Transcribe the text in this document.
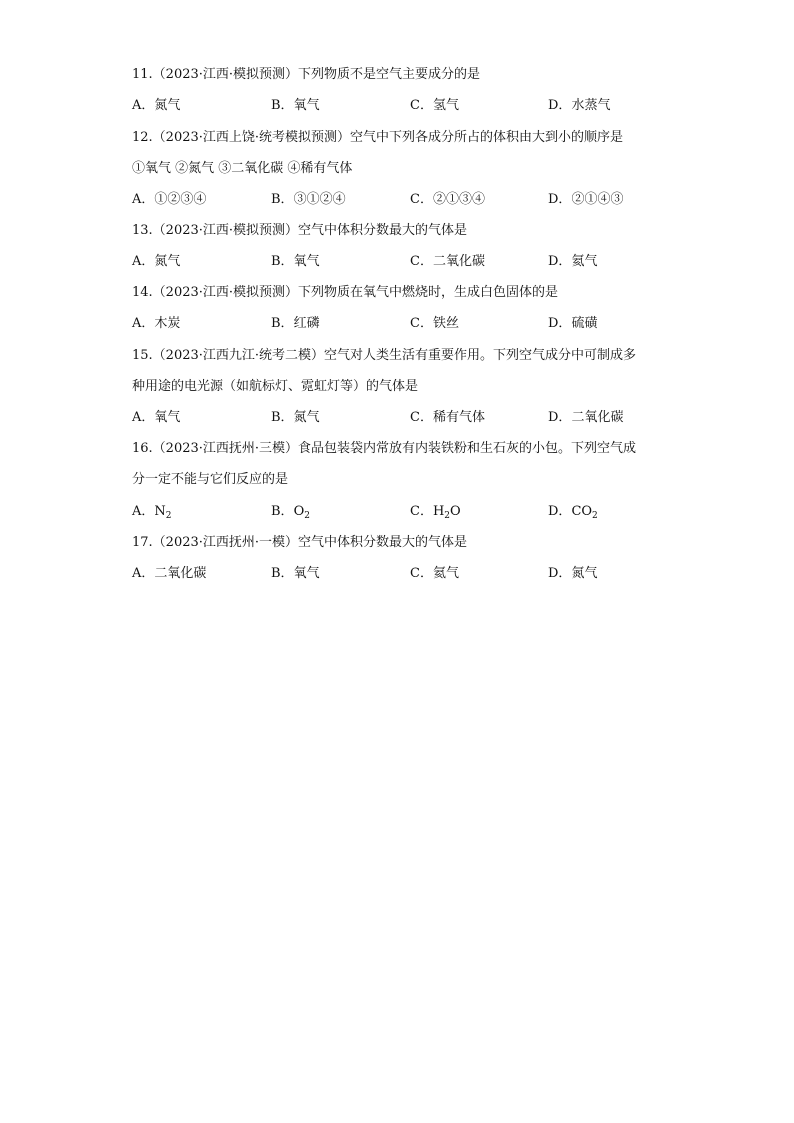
11.（2023·江西·模拟预测）下列物质不是空气主要成分的是
A．氮气	B．氧气	C．氢气	D．水蒸气
12.（2023·江西上饶·统考模拟预测）空气中下列各成分所占的体积由大到小的顺序是
①氧气 ②氮气 ③二氧化碳 ④稀有气体
A．①②③④	B．③①②④	C．②①③④	D．②①④③
13.（2023·江西·模拟预测）空气中体积分数最大的气体是
A．氮气	B．氧气	C．二氧化碳	D．氦气
14.（2023·江西·模拟预测）下列物质在氧气中燃烧时，生成白色固体的是
A．木炭	B．红磷	C．铁丝	D．硫磺
15.（2023·江西九江·统考二模）空气对人类生活有重要作用。下列空气成分中可制成多
种用途的电光源（如航标灯、霓虹灯等）的气体是
A．氧气	B．氮气	C．稀有气体	D．二氧化碳
16.（2023·江西抚州·三模）食品包装袋内常放有内装铁粉和生石灰的小包。下列空气成
分一定不能与它们反应的是
A．$N_2$	B．$O_2$	C．$H_2O$	D．$CO_2$
17.（2023·江西抚州·一模）空气中体积分数最大的气体是
A．二氧化碳	B．氧气	C．氦气	D．氮气
